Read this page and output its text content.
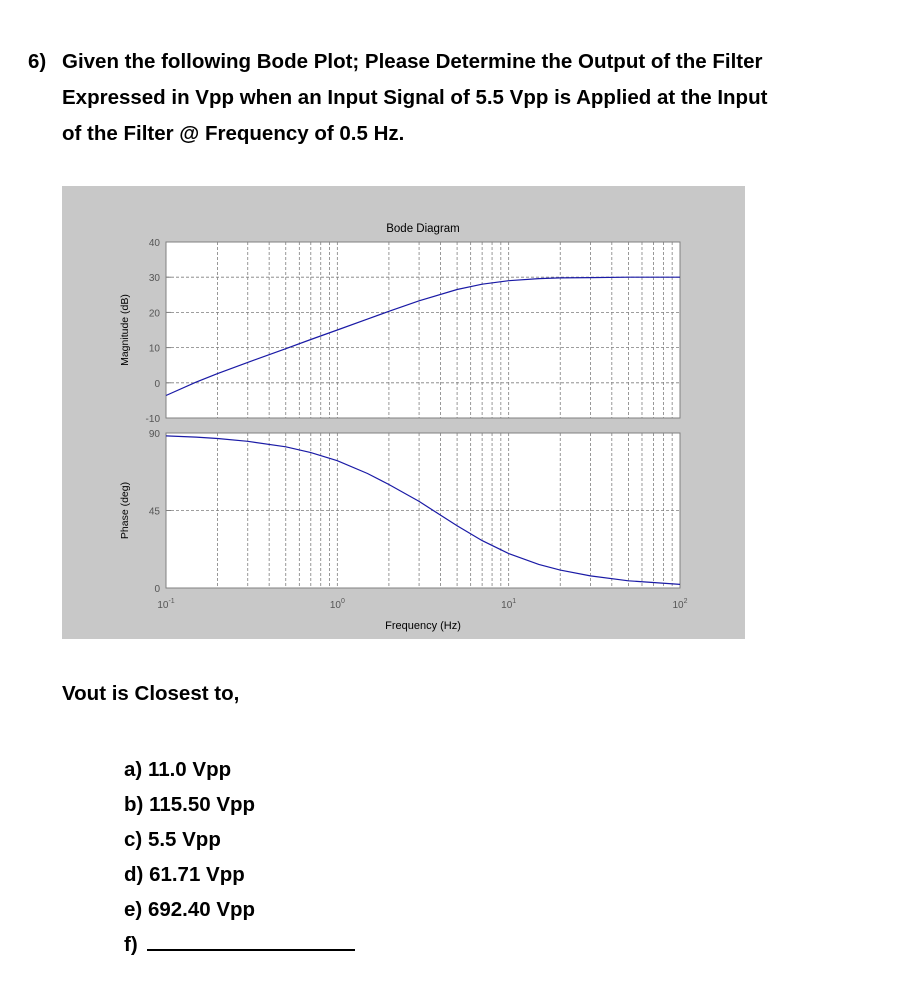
6) Given the following Bode Plot; Please Determine the Output of the Filter
Expressed in Vpp when an Input Signal of 5.5 Vpp is Applied at the Input
of the Filter @ Frequency of 0.5 Hz.
Bode Diagram
-10
0
10
20
30
40
Magnitude (dB)
0
45
90
Phase (deg)
$10^{-1}$	$10^0$	$10^1$	$10^2$
Frequency (Hz)
Vout is Closest to,
a) 11.0 Vpp
b) 115.50 Vpp
c) 5.5 Vpp
d) 61.71 Vpp
e) 692.40 Vpp
f)
